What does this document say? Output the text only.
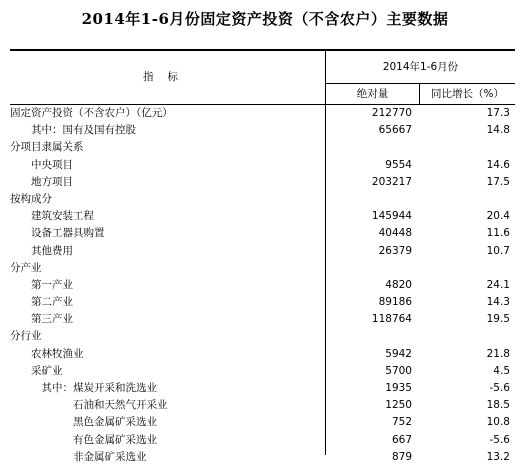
2014年1-6月份固定资产投资（不含农户）主要数据
指标
2014年1-6月份
绝对量	同比增长（%）
固定资产投资（不含农户）（亿元）	212770	17.3
其中：国有及国有控股	65667	14.8
分项目隶属关系
中央项目	9554	14.6
地方项目	203217	17.5
按构成分
建筑安装工程	145944	20.4
设备工器具购置	40448	11.6
其他费用	26379	10.7
分产业
第一产业	4820	24.1
第二产业	89186	14.3
第三产业	118764	19.5
分行业
农林牧渔业	5942	21.8
采矿业	5700	4.5
其中：煤炭开采和洗选业	1935	-5.6
石油和天然气开采业	1250	18.5
黑色金属矿采选业	752	10.8
有色金属矿采选业	667	-5.6
非金属矿采选业	879	13.2
